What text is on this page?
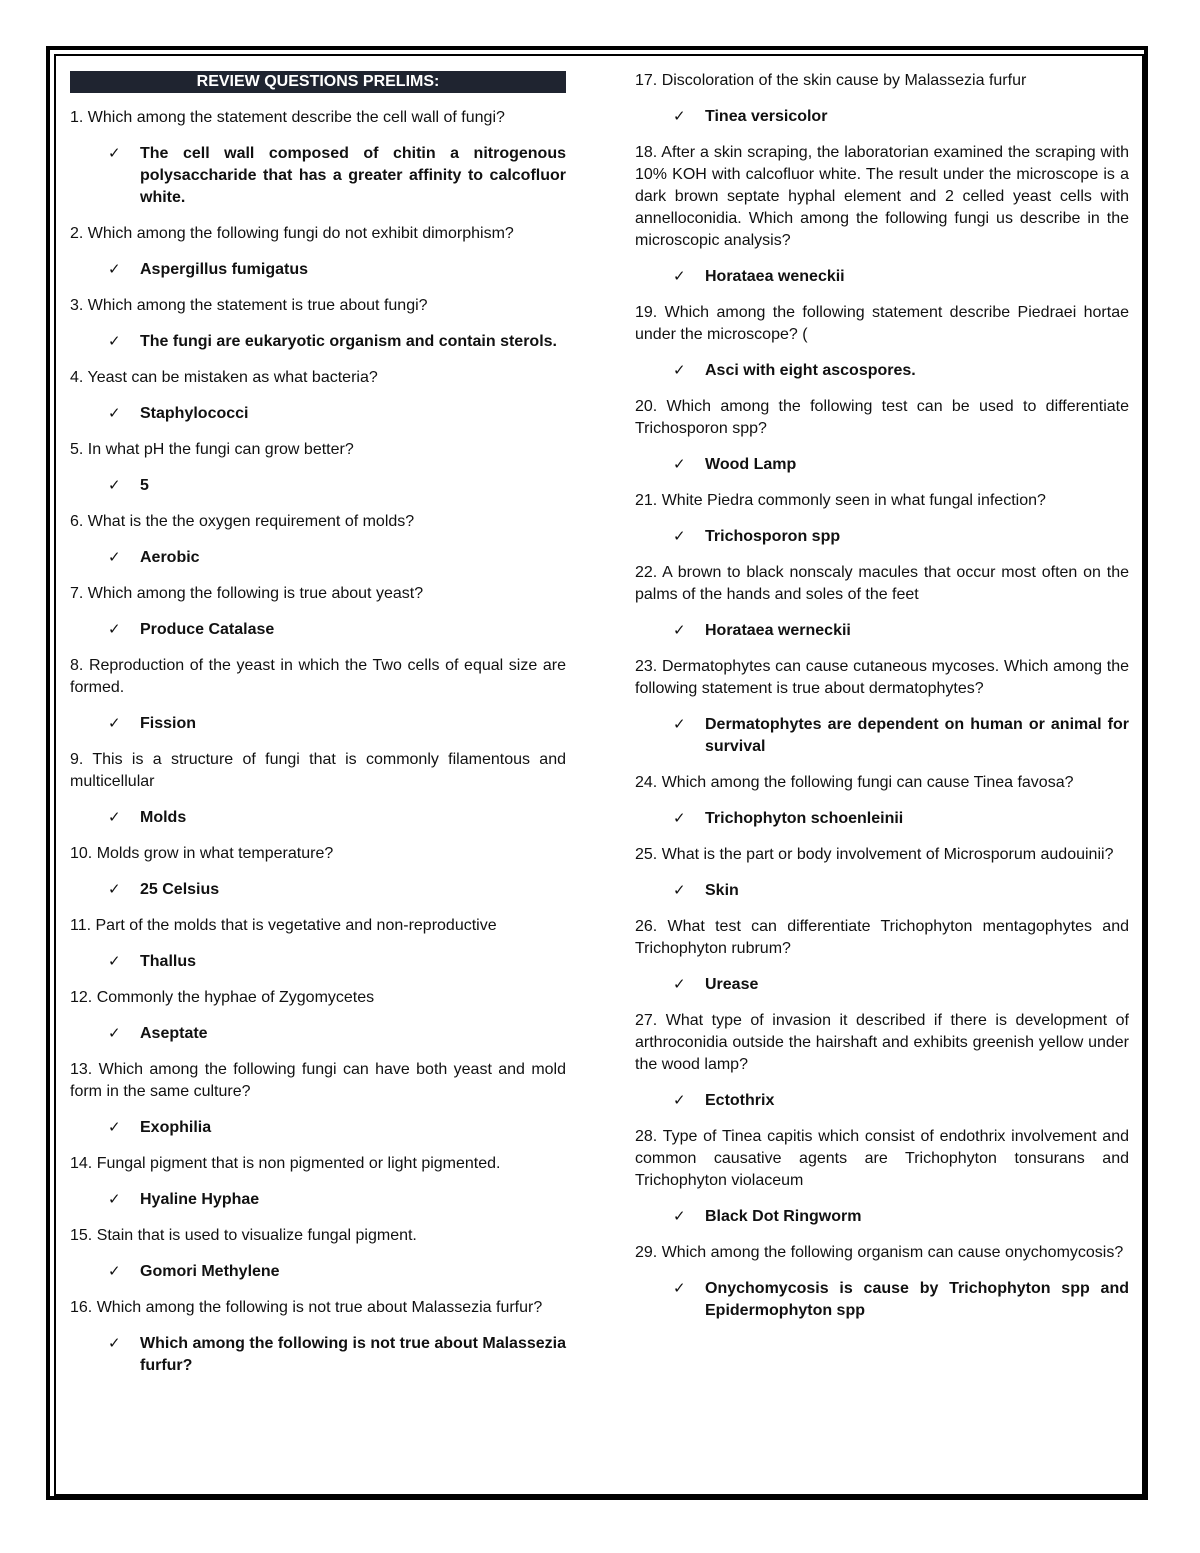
REVIEW QUESTIONS PRELIMS:
1. Which among the statement describe the cell wall of fungi?
✓ The cell wall composed of chitin a nitrogenous polysaccharide that has a greater affinity to calcofluor white.
2. Which among the following fungi do not exhibit dimorphism?
✓ Aspergillus fumigatus
3. Which among the statement is true about fungi?
✓ The fungi are eukaryotic organism and contain sterols.
4. Yeast can be mistaken as what bacteria?
✓ Staphylococci
5. In what pH the fungi can grow better?
✓ 5
6. What is the the oxygen requirement of molds?
✓ Aerobic
7. Which among the following is true about yeast?
✓ Produce Catalase
8. Reproduction of the yeast in which the Two cells of equal size are formed.
✓ Fission
9. This is a structure of fungi that is commonly filamentous and multicellular
✓ Molds
10. Molds grow in what temperature?
✓ 25 Celsius
11. Part of the molds that is vegetative and non-reproductive
✓ Thallus
12. Commonly the hyphae of Zygomycetes
✓ Aseptate
13. Which among the following fungi can have both yeast and mold form in the same culture?
✓ Exophilia
14. Fungal pigment that is non pigmented or light pigmented.
✓ Hyaline Hyphae
15. Stain that is used to visualize fungal pigment.
✓ Gomori Methylene
16. Which among the following is not true about Malassezia furfur?
✓ Which among the following is not true about Malassezia furfur?
17. Discoloration of the skin cause by Malassezia furfur
✓ Tinea versicolor
18. After a skin scraping, the laboratorian examined the scraping with 10% KOH with calcofluor white. The result under the microscope is a dark brown septate hyphal element and 2 celled yeast cells with annelloconidia. Which among the following fungi us describe in the microscopic analysis?
✓ Horataea weneckii
19. Which among the following statement describe Piedraei hortae under the microscope? (
✓ Asci with eight ascospores.
20. Which among the following test can be used to differentiate Trichosporon spp?
✓ Wood Lamp
21. White Piedra commonly seen in what fungal infection?
✓ Trichosporon spp
22. A brown to black nonscaly macules that occur most often on the palms of the hands and soles of the feet
✓ Horataea werneckii
23. Dermatophytes can cause cutaneous mycoses. Which among the following statement is true about dermatophytes?
✓ Dermatophytes are dependent on human or animal for survival
24. Which among the following fungi can cause Tinea favosa?
✓ Trichophyton schoenleinii
25. What is the part or body involvement of Microsporum audouinii?
✓ Skin
26. What test can differentiate Trichophyton mentagophytes and Trichophyton rubrum?
✓ Urease
27. What type of invasion it described if there is development of arthroconidia outside the hairshaft and exhibits greenish yellow under the wood lamp?
✓ Ectothrix
28. Type of Tinea capitis which consist of endothrix involvement and common causative agents are Trichophyton tonsurans and Trichophyton violaceum
✓ Black Dot Ringworm
29. Which among the following organism can cause onychomycosis?
✓ Onychomycosis is cause by Trichophyton spp and Epidermophyton spp
